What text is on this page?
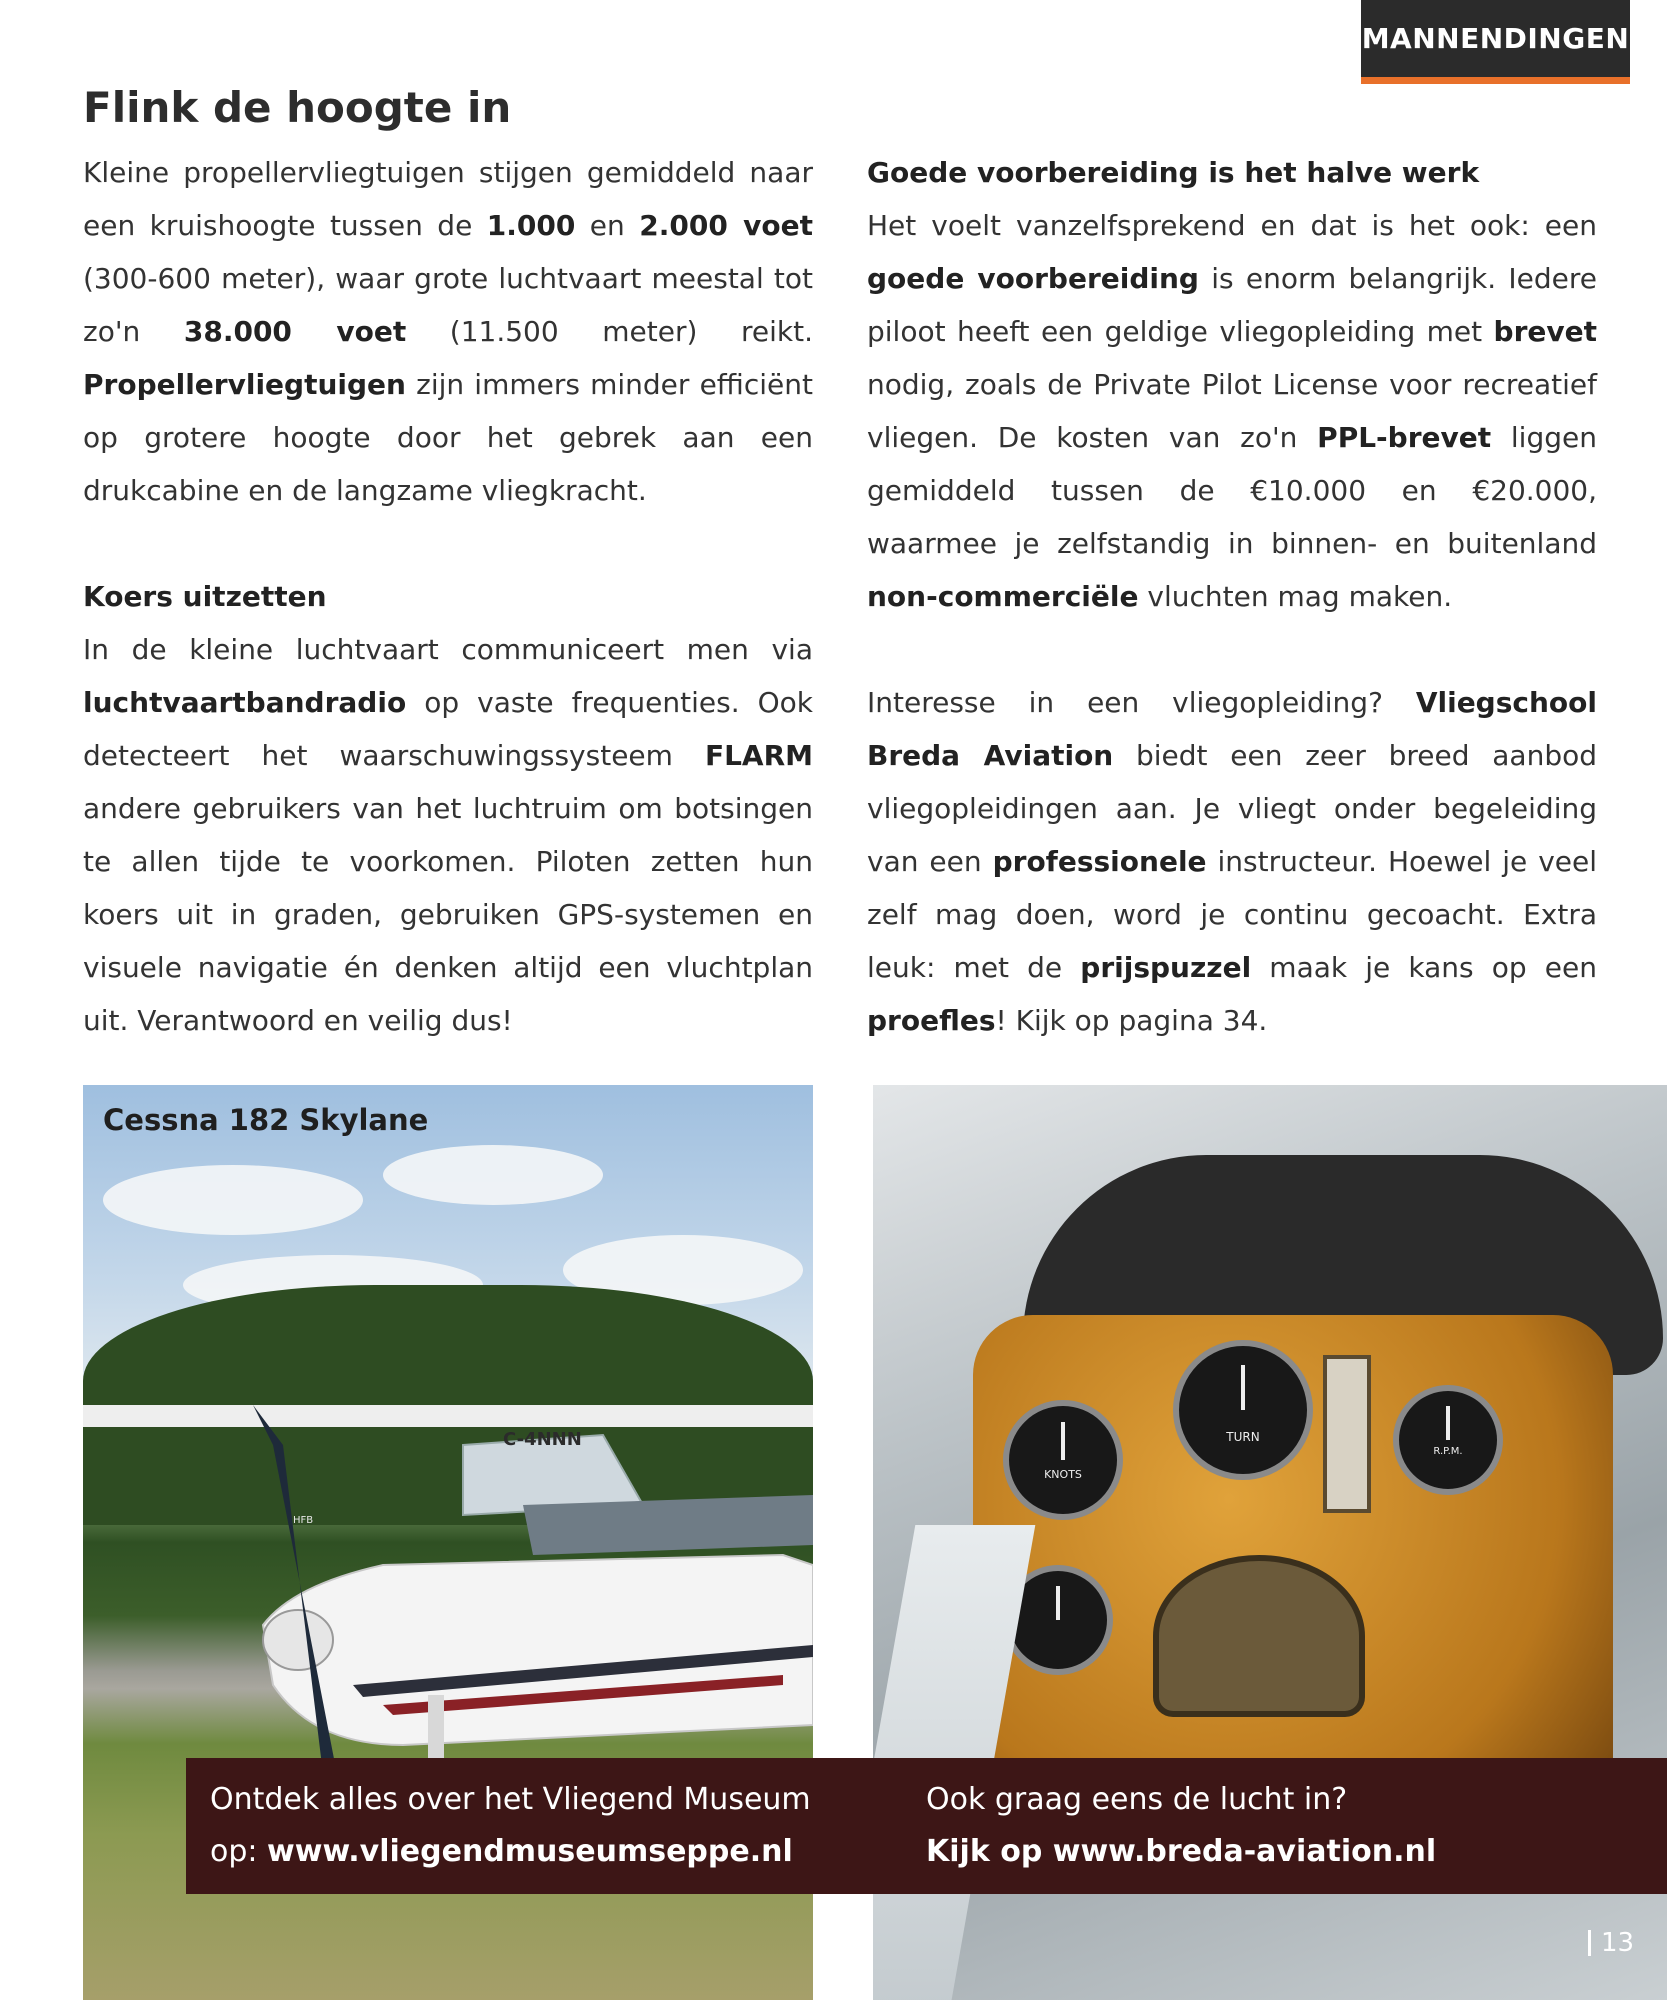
MANNENDINGEN
Flink de hoogte in

Kleine propellervliegtuigen stijgen gemiddeld naar een kruishoogte tussen de 1.000 en 2.000 voet (300-600 meter), waar grote luchtvaart meestal tot zo'n 38.000 voet (11.500 meter) reikt. Propellervliegtuigen zijn immers minder efficiënt op grotere hoogte door het gebrek aan een drukcabine en de langzame vliegkracht.

Koers uitzetten

In de kleine luchtvaart communiceert men via luchtvaartbandradio op vaste frequenties. Ook detecteert het waarschuwingssysteem FLARM andere gebruikers van het luchtruim om botsingen te allen tijde te voorkomen. Piloten zetten hun koers uit in graden, gebruiken GPS-systemen en visuele navigatie én denken altijd een vluchtplan uit. Verantwoord en veilig dus!

Goede voorbereiding is het halve werk

Het voelt vanzelfsprekend en dat is het ook: een goede voorbereiding is enorm belangrijk. Iedere piloot heeft een geldige vliegopleiding met brevet nodig, zoals de Private Pilot License voor recreatief vliegen. De kosten van zo'n PPL-brevet liggen gemiddeld tussen de €10.000 en €20.000, waarmee je zelfstandig in binnen- en buitenland non-commerciële vluchten mag maken.

Interesse in een vliegopleiding? Vliegschool Breda Aviation biedt een zeer breed aanbod vliegopleidingen aan. Je vliegt onder begeleiding van een professionele instructeur. Hoewel je veel zelf mag doen, word je continu gecoacht. Extra leuk: met de prijspuzzel maak je kans op een proefles! Kijk op pagina 34.

C-4NNN
HFB
Cessna 182 Skylane
TURN
KNOTS
R.P.M.
Ontdek alles over het Vliegend Museum
op: www.vliegendmuseumseppe.nl
Ook graag eens de lucht in?
Kijk op www.breda-aviation.nl
13
